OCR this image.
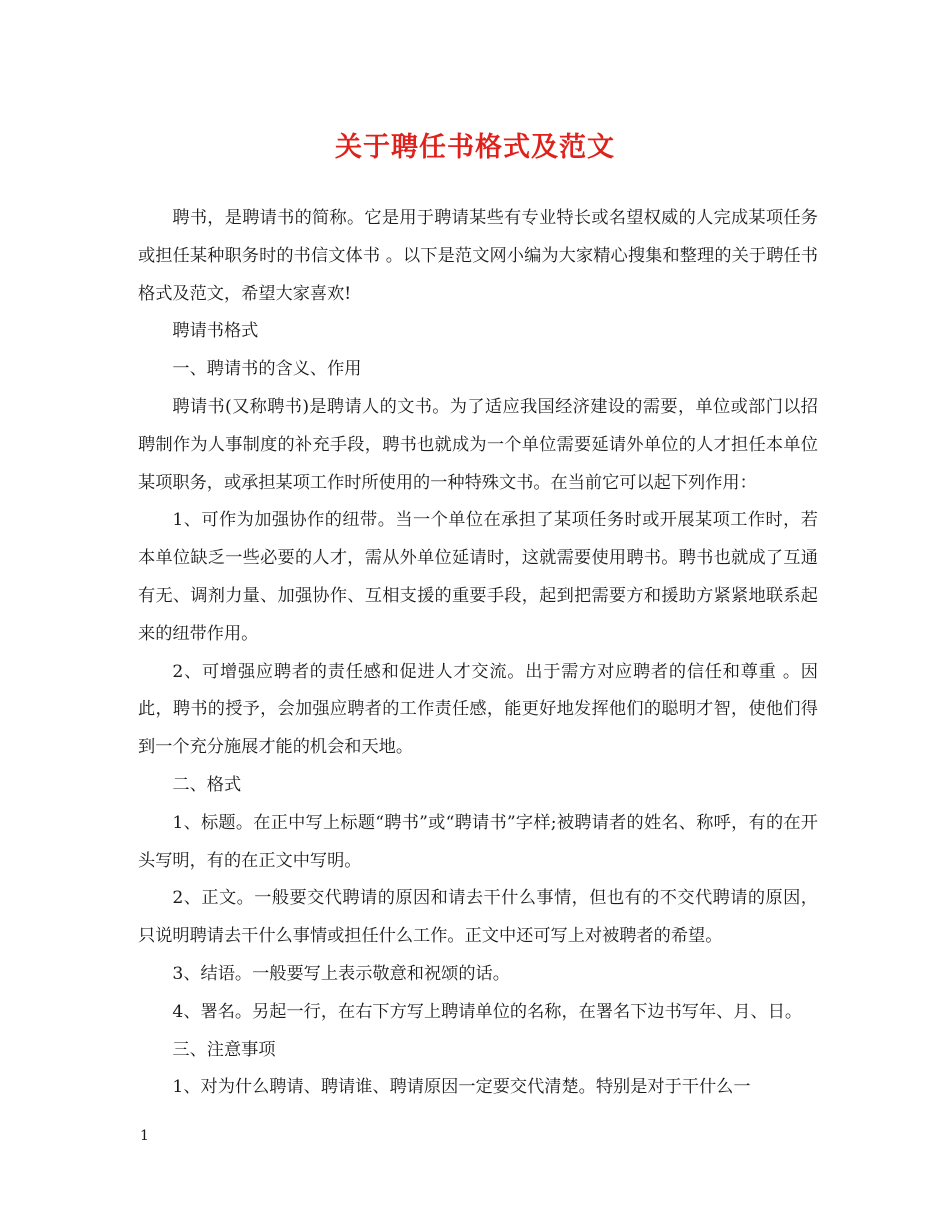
关于聘任书格式及范文

聘书，是聘请书的简称。它是用于聘请某些有专业特长或名望权威的人完成某项任务或担任某种职务时的书信文体书 。以下是范文网小编为大家精心搜集和整理的关于聘任书格式及范文，希望大家喜欢!

聘请书格式

一、聘请书的含义、作用

聘请书(又称聘书)是聘请人的文书。为了适应我国经济建设的需要，单位或部门以招聘制作为人事制度的补充手段，聘书也就成为一个单位需要延请外单位的人才担任本单位某项职务，或承担某项工作时所使用的一种特殊文书。在当前它可以起下列作用：

1、可作为加强协作的纽带。当一个单位在承担了某项任务时或开展某项工作时，若本单位缺乏一些必要的人才，需从外单位延请时，这就需要使用聘书。聘书也就成了互通有无、调剂力量、加强协作、互相支援的重要手段，起到把需要方和援助方紧紧地联系起来的纽带作用。

2、可增强应聘者的责任感和促进人才交流。出于需方对应聘者的信任和尊重 。因此，聘书的授予，会加强应聘者的工作责任感，能更好地发挥他们的聪明才智，使他们得到一个充分施展才能的机会和天地。

二、格式

1、标题。在正中写上标题“聘书”或“聘请书”字样;被聘请者的姓名、称呼，有的在开头写明，有的在正文中写明。

2、正文。一般要交代聘请的原因和请去干什么事情，但也有的不交代聘请的原因，只说明聘请去干什么事情或担任什么工作。正文中还可写上对被聘者的希望。

3、结语。一般要写上表示敬意和祝颂的话。

4、署名。另起一行，在右下方写上聘请单位的名称，在署名下边书写年、月、日。

三、注意事项

1、对为什么聘请、聘请谁、聘请原因一定要交代清楚。特别是对于干什么一

1
